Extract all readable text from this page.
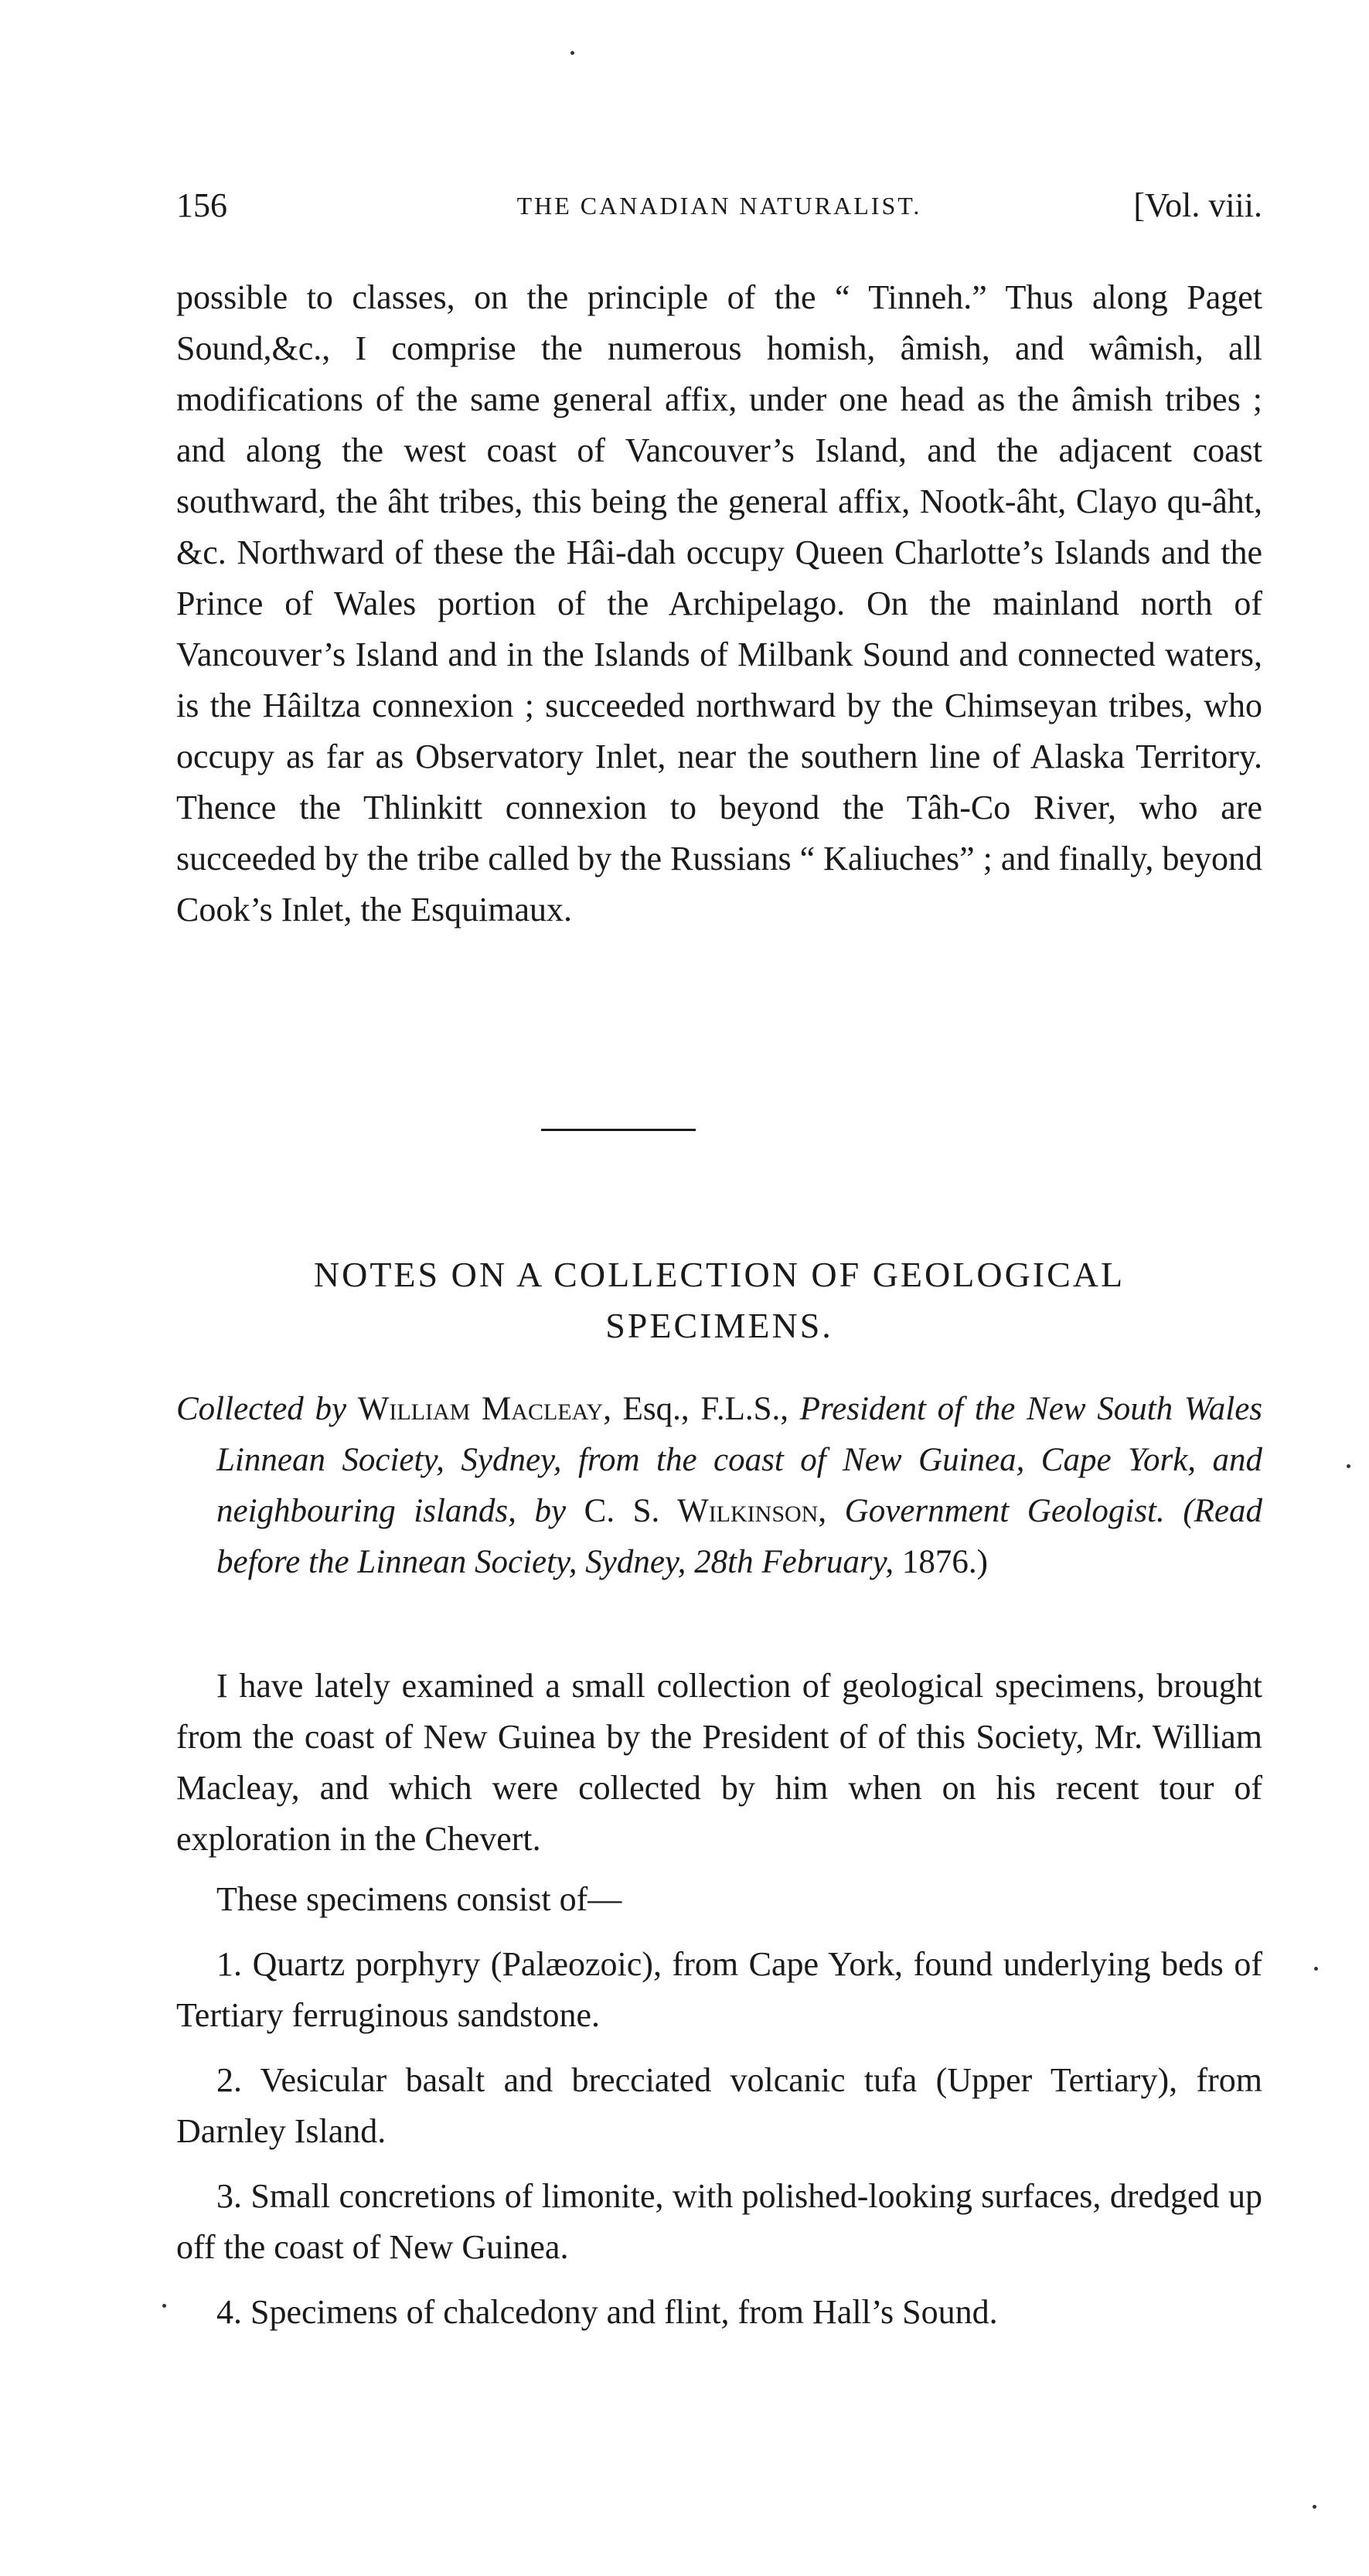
156	THE CANADIAN NATURALIST.	[Vol. viii.

possible to classes, on the principle of the “ Tinneh.” Thus along Paget Sound,&c., I comprise the numerous homish, âmish, and wâmish, all modifications of the same general affix, under one head as the âmish tribes ; and along the west coast of Vancouver’s Island, and the adjacent coast southward, the âht tribes, this being the general affix, Nootk-âht, Clayo qu-âht, &c. Northward of these the Hâi-dah occupy Queen Charlotte’s Islands and the Prince of Wales portion of the Archipelago. On the mainland north of Vancouver’s Island and in the Islands of Milbank Sound and connected waters, is the Hâiltza connexion ; succeeded northward by the Chimseyan tribes, who occupy as far as Observatory Inlet, near the southern line of Alaska Territory. Thence the Thlinkitt connexion to beyond the Tâh-Co River, who are succeeded by the tribe called by the Russians “ Kaliuches” ; and finally, beyond Cook’s Inlet, the Esquimaux.

NOTES ON A COLLECTION OF GEOLOGICAL
SPECIMENS.
Collected by William Macleay, Esq., F.L.S., President of the New South Wales Linnean Society, Sydney, from the coast of New Guinea, Cape York, and neighbouring islands, by C. S. Wilkinson, Government Geologist. (Read before the Linnean Society, Sydney, 28th February, 1876.)

I have lately examined a small collection of geological specimens, brought from the coast of New Guinea by the President of of this Society, Mr. William Macleay, and which were collected by him when on his recent tour of exploration in the Chevert.

These specimens consist of—

1. Quartz porphyry (Palæozoic), from Cape York, found underlying beds of Tertiary ferruginous sandstone.

2. Vesicular basalt and brecciated volcanic tufa (Upper Tertiary), from Darnley Island.

3. Small concretions of limonite, with polished-looking surfaces, dredged up off the coast of New Guinea.

4. Specimens of chalcedony and flint, from Hall’s Sound.
